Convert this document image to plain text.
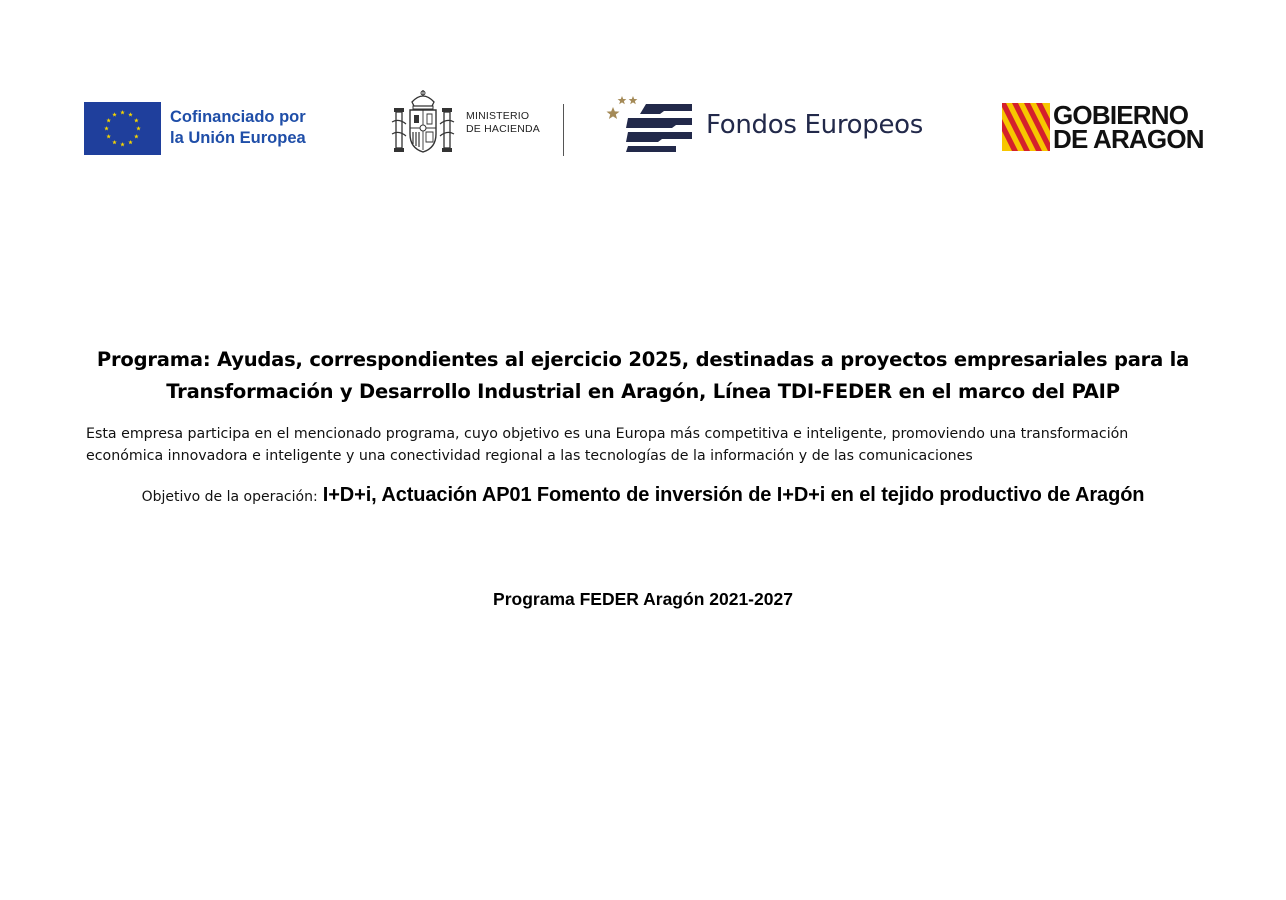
Cofinanciado por
la Unión Europea
MINISTERIO
DE HACIENDA	Fondos Europeos	GOBIERNO
DE ARAGON
Programa: Ayudas, correspondientes al ejercicio 2025, destinadas a proyectos empresariales para la
Transformación y Desarrollo Industrial en Aragón, Línea TDI-FEDER en el marco del PAIP
Esta empresa participa en el mencionado programa, cuyo objetivo es una Europa más competitiva e inteligente, promoviendo una transformación
económica innovadora e inteligente y una conectividad regional a las tecnologías de la información y de las comunicaciones
Objetivo de la operación: I+D+i, Actuación AP01 Fomento de inversión de I+D+i en el tejido productivo de Aragón
Programa FEDER Aragón 2021-2027
